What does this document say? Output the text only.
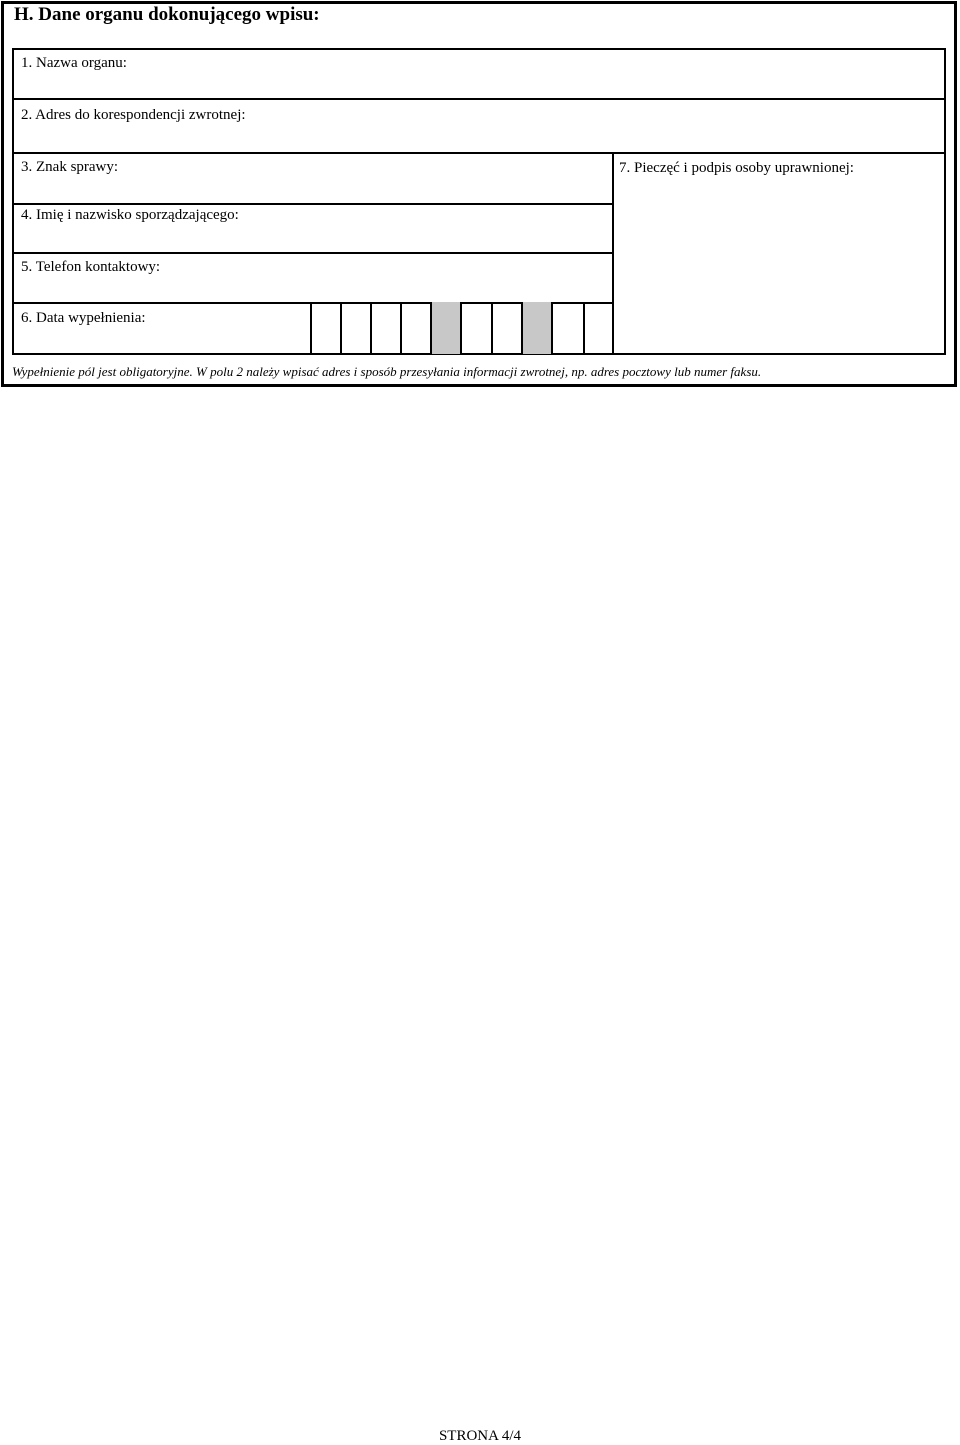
H. Dane organu dokonującego wpisu:
1. Nazwa organu:
2. Adres do korespondencji zwrotnej:
7. Pieczęć i podpis osoby uprawnionej:
3. Znak sprawy:
4. Imię i nazwisko sporządzającego:
5. Telefon kontaktowy:
6. Data wypełnienia:
Wypełnienie pól jest obligatoryjne. W polu 2 należy wpisać adres i sposób przesyłania informacji zwrotnej, np. adres pocztowy lub numer faksu.
STRONA 4/4
